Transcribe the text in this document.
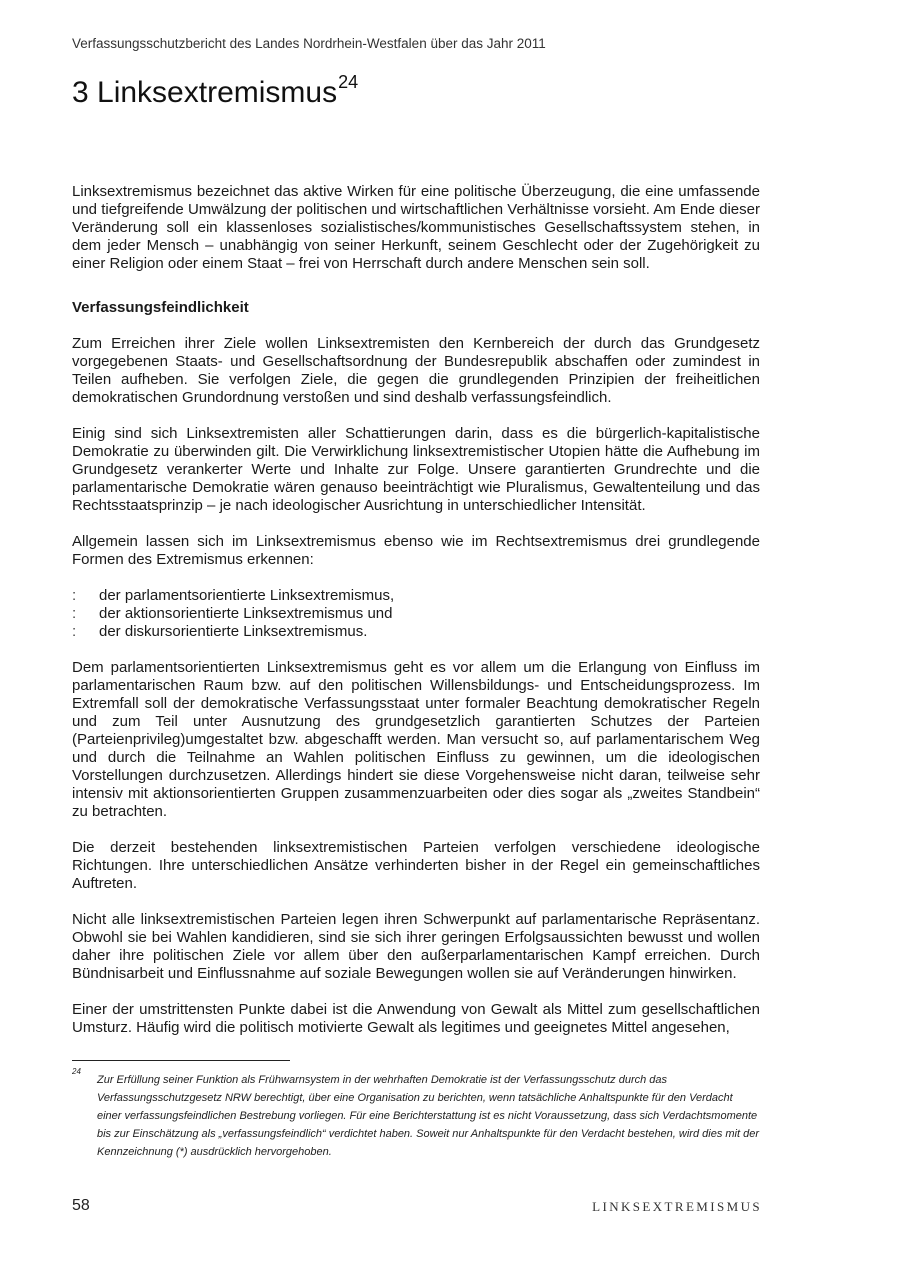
Verfassungsschutzbericht des Landes Nordrhein-Westfalen über das Jahr 2011
3 Linksextremismus$^{24}$

Linksextremismus bezeichnet das aktive Wirken für eine politische Überzeugung, die eine umfassende und tiefgreifende Umwälzung der politischen und wirtschaftlichen Verhältnisse vorsieht. Am Ende dieser Veränderung soll ein klassenloses sozialistisches/kommunistisches Gesellschaftssystem stehen, in dem jeder Mensch – unabhängig von seiner Herkunft, seinem Geschlecht oder der Zugehörigkeit zu einer Religion oder einem Staat – frei von Herrschaft durch andere Menschen sein soll.

Verfassungsfeindlichkeit

Zum Erreichen ihrer Ziele wollen Linksextremisten den Kernbereich der durch das Grundgesetz vorgegebenen Staats- und Gesellschaftsordnung der Bundesrepublik abschaffen oder zumindest in Teilen aufheben. Sie verfolgen Ziele, die gegen die grundlegenden Prinzipien der freiheitlichen demokratischen Grundordnung verstoßen und sind deshalb verfassungsfeindlich.

Einig sind sich Linksextremisten aller Schattierungen darin, dass es die bürgerlich-kapitalistische Demokratie zu überwinden gilt. Die Verwirklichung linksextremistischer Utopien hätte die Aufhebung im Grundgesetz verankerter Werte und Inhalte zur Folge. Unsere garantierten Grundrechte und die parlamentarische Demokratie wären genauso beeinträchtigt wie Pluralismus, Gewaltenteilung und das Rechtsstaatsprinzip – je nach ideologischer Ausrichtung in unterschiedlicher Intensität.

Allgemein lassen sich im Linksextremismus ebenso wie im Rechtsextremismus drei grundlegende Formen des Extremismus erkennen:

:	der parlamentsorientierte Linksextremismus,
:	der aktionsorientierte Linksextremismus und
:	der diskursorientierte Linksextremismus.

Dem parlamentsorientierten Linksextremismus geht es vor allem um die Erlangung von Einfluss im parlamentarischen Raum bzw. auf den politischen Willensbildungs- und Entscheidungsprozess. Im Extremfall soll der demokratische Verfassungsstaat unter formaler Beachtung demokratischer Regeln und zum Teil unter Ausnutzung des grundgesetzlich garantierten Schutzes der Parteien (Parteienprivileg)umgestaltet bzw. abgeschafft werden. Man versucht so, auf parlamentarischem Weg und durch die Teilnahme an Wahlen politischen Einfluss zu gewinnen, um die ideologischen Vorstellungen durchzusetzen. Allerdings hindert sie diese Vorgehensweise nicht daran, teilweise sehr intensiv mit aktionsorientierten Gruppen zusammenzuarbeiten oder dies sogar als „zweites Standbein“ zu betrachten.

Die derzeit bestehenden linksextremistischen Parteien verfolgen verschiedene ideologische Richtungen. Ihre unterschiedlichen Ansätze verhinderten bisher in der Regel ein gemeinschaftliches Auftreten.

Nicht alle linksextremistischen Parteien legen ihren Schwerpunkt auf parlamentarische Repräsentanz. Obwohl sie bei Wahlen kandidieren, sind sie sich ihrer geringen Erfolgsaussichten bewusst und wollen daher ihre politischen Ziele vor allem über den außerparlamentarischen Kampf erreichen. Durch Bündnisarbeit und Einflussnahme auf soziale Bewegungen wollen sie auf Veränderungen hinwirken.

Einer der umstrittensten Punkte dabei ist die Anwendung von Gewalt als Mittel zum gesellschaftlichen Umsturz. Häufig wird die politisch motivierte Gewalt als legitimes und geeignetes Mittel angesehen,

24
Zur Erfüllung seiner Funktion als Frühwarnsystem in der wehrhaften Demokratie ist der Verfassungsschutz durch das Verfassungsschutzgesetz NRW berechtigt, über eine Organisation zu berichten, wenn tatsächliche Anhaltspunkte für den Verdacht einer verfassungsfeindlichen Bestrebung vorliegen. Für eine Berichterstattung ist es nicht Voraussetzung, dass sich Verdachtsmomente bis zur Einschätzung als „verfassungsfeindlich“ verdichtet haben. Soweit nur Anhaltspunkte für den Verdacht bestehen, wird dies mit der Kennzeichnung (*) ausdrücklich hervorgehoben.
58	LINKSEXTREMISMUS
